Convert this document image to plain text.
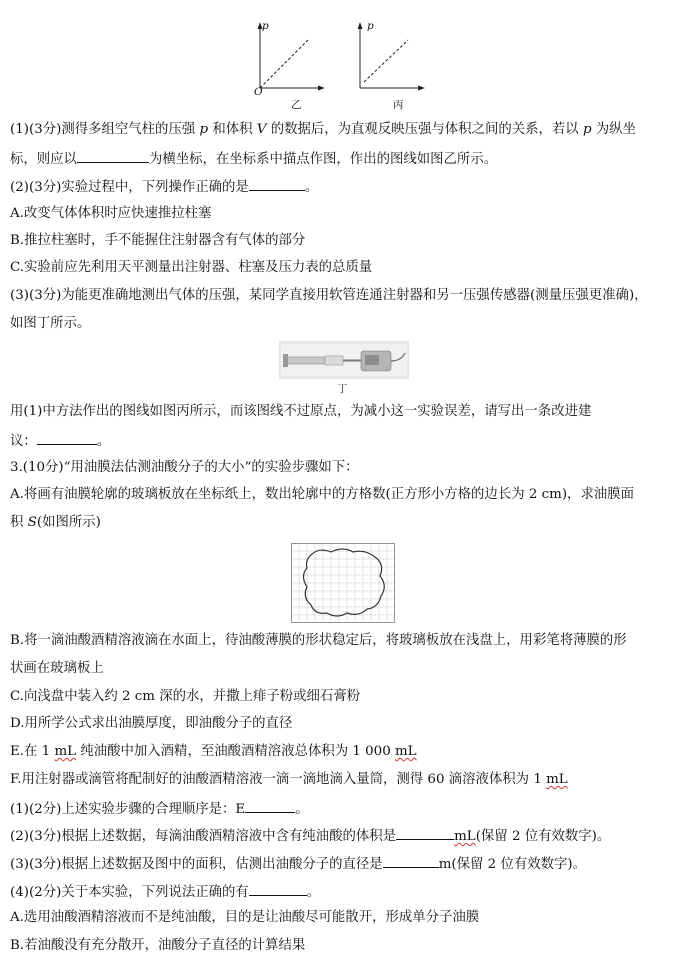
p
O
乙
p
丙
(1)(3分)测得多组空气柱的压强 p 和体积 V 的数据后，为直观反映压强与体积之间的关系，若以 p 为纵坐
标，则应以	为横坐标，在坐标系中描点作图，作出的图线如图乙所示。
(2)(3分)实验过程中，下列操作正确的是	。
A.改变气体体积时应快速推拉柱塞
B.推拉柱塞时，手不能握住注射器含有气体的部分
C.实验前应先利用天平测量出注射器、柱塞及压力表的总质量
(3)(3分)为能更准确地测出气体的压强，某同学直接用软管连通注射器和另一压强传感器(测量压强更准确)，
如图丁所示。
丁
用(1)中方法作出的图线如图丙所示，而该图线不过原点，为减小这一实验误差，请写出一条改进建
议：	。
3.(10分)“用油膜法估测油酸分子的大小”的实验步骤如下：
A.将画有油膜轮廓的玻璃板放在坐标纸上，数出轮廓中的方格数(正方形小方格的边长为 2 cm)，求油膜面
积 S(如图所示)
B.将一滴油酸酒精溶液滴在水面上，待油酸薄膜的形状稳定后，将玻璃板放在浅盘上，用彩笔将薄膜的形
状画在玻璃板上
C.向浅盘中装入约 2 cm 深的水，并撒上痱子粉或细石膏粉
D.用所学公式求出油膜厚度，即油酸分子的直径
E.在 1 mL 纯油酸中加入酒精，至油酸酒精溶液总体积为 1 000 mL
F.用注射器或滴管将配制好的油酸酒精溶液一滴一滴地滴入量筒，测得 60 滴溶液体积为 1 mL
(1)(2分)上述实验步骤的合理顺序是：E	。
(2)(3分)根据上述数据，每滴油酸酒精溶液中含有纯油酸的体积是	mL(保留 2 位有效数字)。
(3)(3分)根据上述数据及图中的面积，估测出油酸分子的直径是	m(保留 2 位有效数字)。
(4)(2分)关于本实验，下列说法正确的有	。
A.选用油酸酒精溶液而不是纯油酸，目的是让油酸尽可能散开，形成单分子油膜
B.若油酸没有充分散开，油酸分子直径的计算结果
